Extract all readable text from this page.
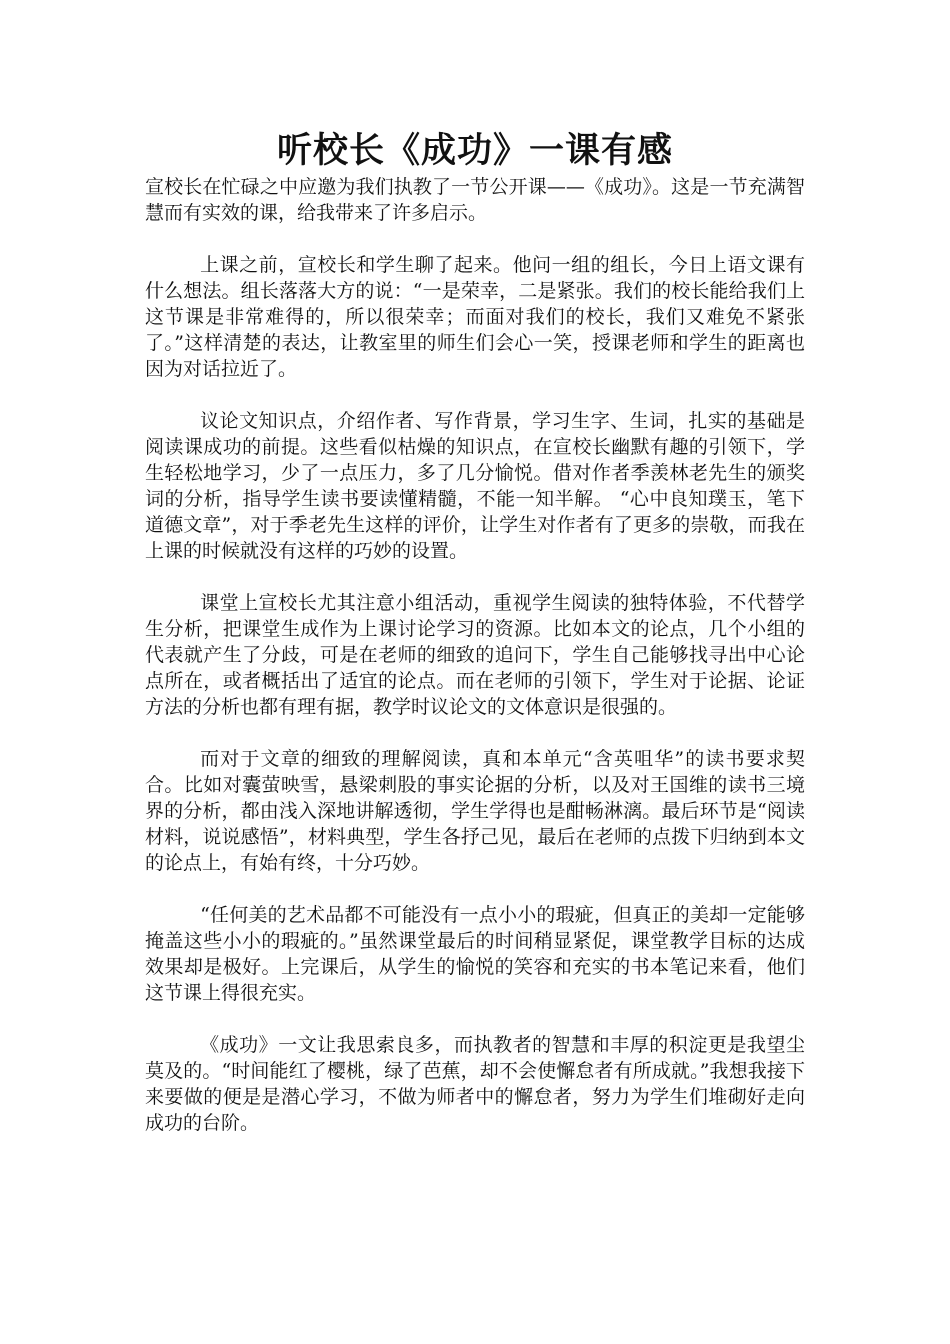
听校长《成功》一课有感

宣校长在忙碌之中应邀为我们执教了一节公开课——《成功》。这是一节充满智慧而有实效的课，给我带来了许多启示。

上课之前，宣校长和学生聊了起来。他问一组的组长，今日上语文课有什么想法。组长落落大方的说：“一是荣幸，二是紧张。我们的校长能给我们上这节课是非常难得的，所以很荣幸；而面对我们的校长，我们又难免不紧张了。”这样清楚的表达，让教室里的师生们会心一笑，授课老师和学生的距离也因为对话拉近了。

议论文知识点，介绍作者、写作背景，学习生字、生词，扎实的基础是阅读课成功的前提。这些看似枯燥的知识点，在宣校长幽默有趣的引领下，学生轻松地学习，少了一点压力，多了几分愉悦。借对作者季羡林老先生的颁奖词的分析，指导学生读书要读懂精髓，不能一知半解。 “心中良知璞玉，笔下道德文章”，对于季老先生这样的评价，让学生对作者有了更多的崇敬，而我在上课的时候就没有这样的巧妙的设置。

课堂上宣校长尤其注意小组活动，重视学生阅读的独特体验，不代替学生分析，把课堂生成作为上课讨论学习的资源。比如本文的论点，几个小组的代表就产生了分歧，可是在老师的细致的追问下，学生自己能够找寻出中心论点所在，或者概括出了适宜的论点。而在老师的引领下，学生对于论据、论证方法的分析也都有理有据，教学时议论文的文体意识是很强的。

而对于文章的细致的理解阅读，真和本单元“含英咀华”的读书要求契合。比如对囊萤映雪，悬梁刺股的事实论据的分析，以及对王国维的读书三境界的分析，都由浅入深地讲解透彻，学生学得也是酣畅淋漓。最后环节是“阅读材料，说说感悟”，材料典型，学生各抒己见，最后在老师的点拨下归纳到本文的论点上，有始有终，十分巧妙。

“任何美的艺术品都不可能没有一点小小的瑕疵，但真正的美却一定能够掩盖这些小小的瑕疵的。”虽然课堂最后的时间稍显紧促，课堂教学目标的达成效果却是极好。上完课后，从学生的愉悦的笑容和充实的书本笔记来看，他们这节课上得很充实。

《成功》一文让我思索良多，而执教者的智慧和丰厚的积淀更是我望尘莫及的。“时间能红了樱桃，绿了芭蕉，却不会使懈怠者有所成就。”我想我接下来要做的便是是潜心学习，不做为师者中的懈怠者，努力为学生们堆砌好走向成功的台阶。
